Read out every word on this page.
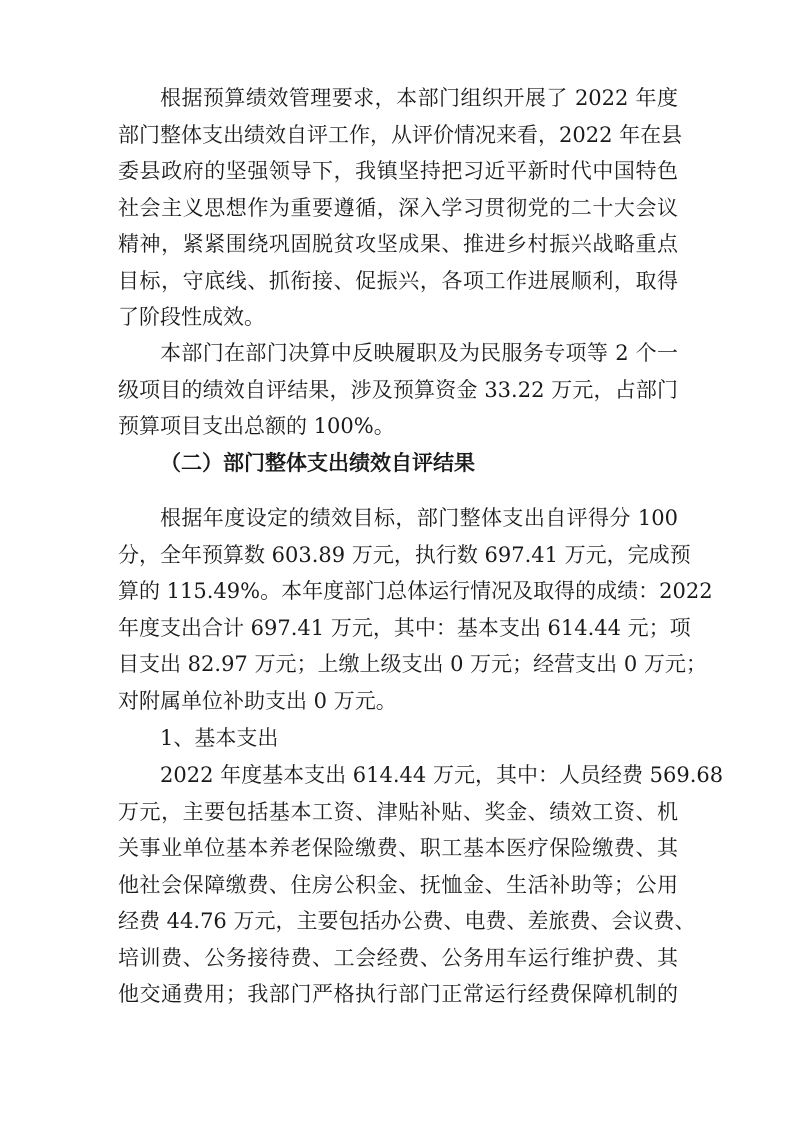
根据预算绩效管理要求，本部门组织开展了 2022 年度
部门整体支出绩效自评工作，从评价情况来看，2022 年在县
委县政府的坚强领导下，我镇坚持把习近平新时代中国特色
社会主义思想作为重要遵循，深入学习贯彻党的二十大会议
精神，紧紧围绕巩固脱贫攻坚成果、推进乡村振兴战略重点
目标，守底线、抓衔接、促振兴，各项工作进展顺利，取得
了阶段性成效。
本部门在部门决算中反映履职及为民服务专项等 2 个一
级项目的绩效自评结果，涉及预算资金 33.22 万元，占部门
预算项目支出总额的 100%。
（二）部门整体支出绩效自评结果
根据年度设定的绩效目标，部门整体支出自评得分 100
分，全年预算数 603.89 万元，执行数 697.41 万元，完成预
算的 115.49%。本年度部门总体运行情况及取得的成绩：2022
年度支出合计 697.41 万元，其中：基本支出 614.44 元；项
目支出 82.97 万元；上缴上级支出 0 万元；经营支出 0 万元；
对附属单位补助支出 0 万元。
1、基本支出
2022 年度基本支出 614.44 万元，其中：人员经费 569.68
万元，主要包括基本工资、津贴补贴、奖金、绩效工资、机
关事业单位基本养老保险缴费、职工基本医疗保险缴费、其
他社会保障缴费、住房公积金、抚恤金、生活补助等；公用
经费 44.76 万元，主要包括办公费、电费、差旅费、会议费、
培训费、公务接待费、工会经费、公务用车运行维护费、其
他交通费用；我部门严格执行部门正常运行经费保障机制的
